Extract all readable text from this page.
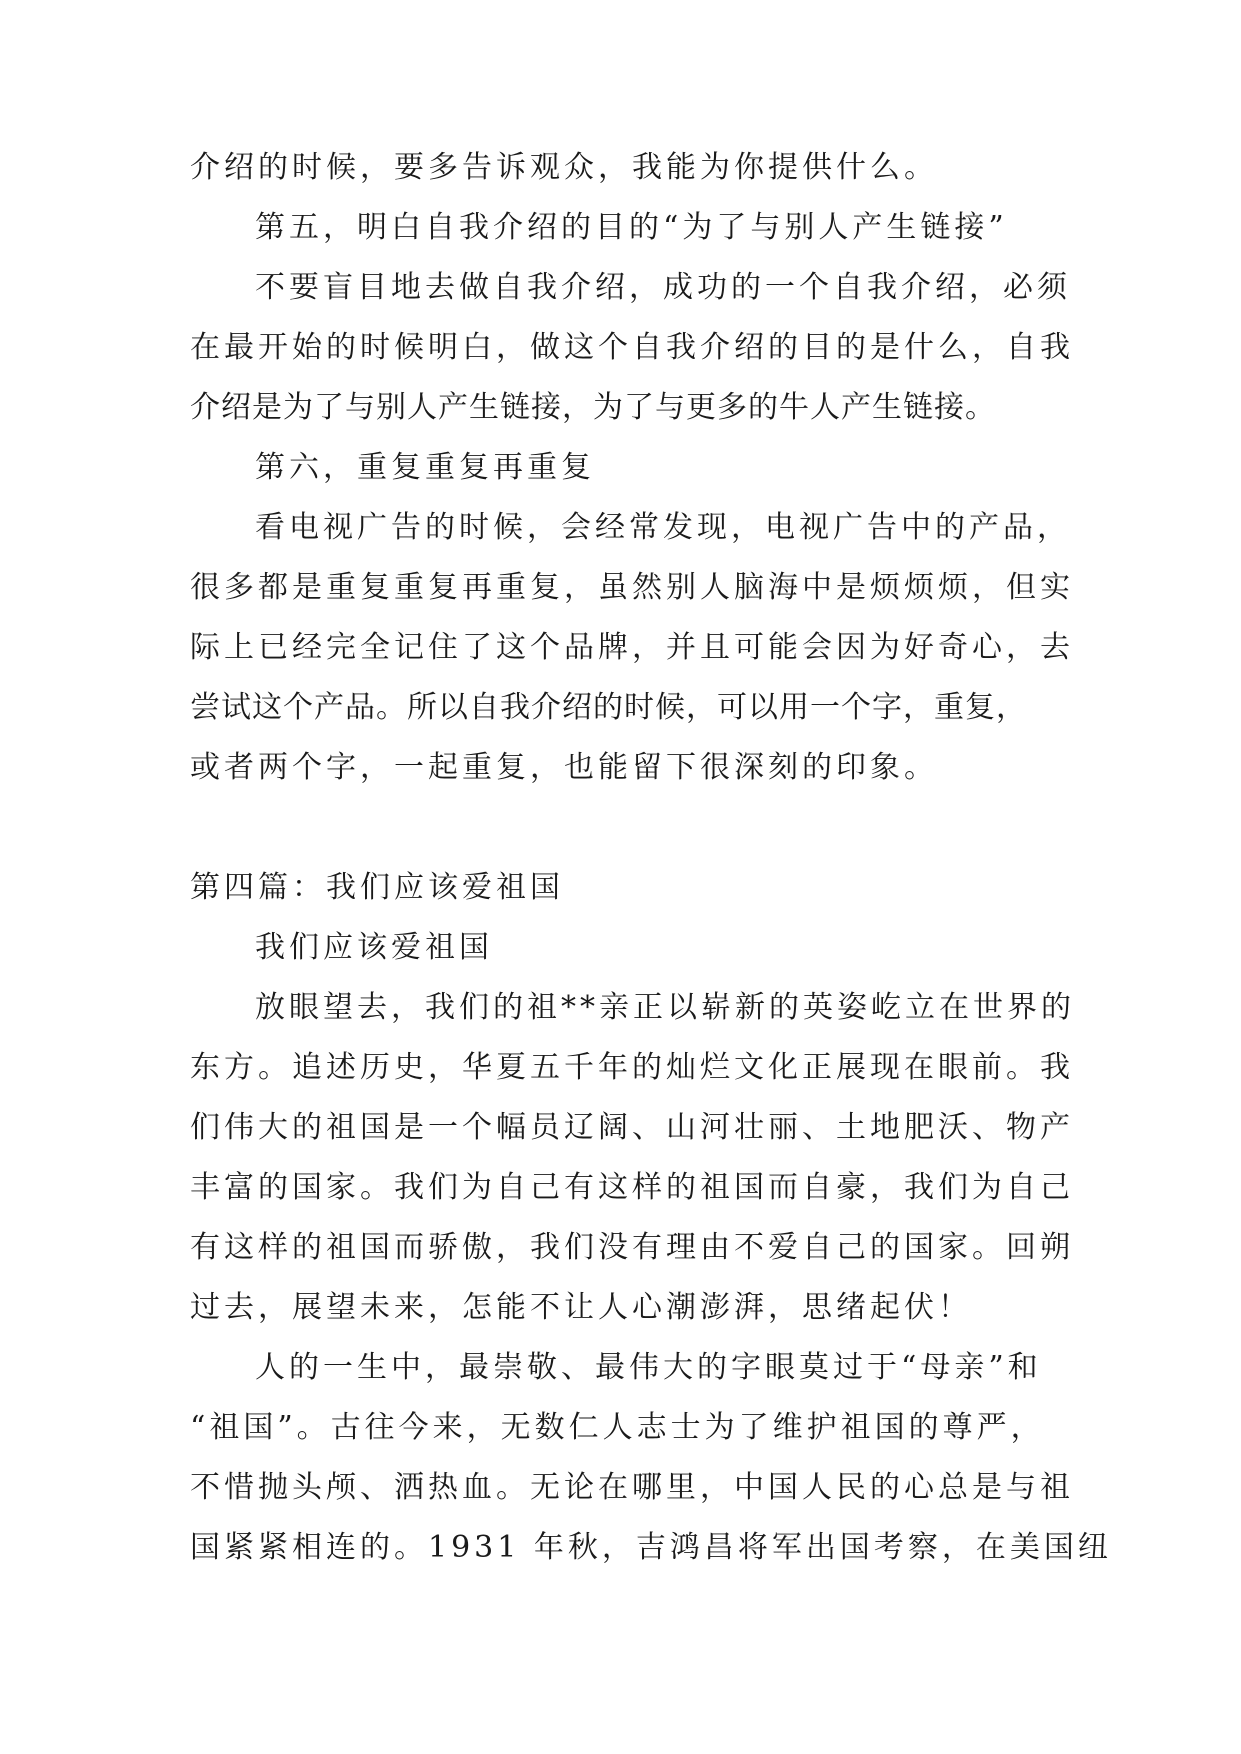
介绍的时候，要多告诉观众，我能为你提供什么。
第五，明白自我介绍的目的“为了与别人产生链接”
不要盲目地去做自我介绍，成功的一个自我介绍，必须
在最开始的时候明白，做这个自我介绍的目的是什么，自我
介绍是为了与别人产生链接，为了与更多的牛人产生链接。
第六，重复重复再重复
看电视广告的时候，会经常发现，电视广告中的产品，
很多都是重复重复再重复，虽然别人脑海中是烦烦烦，但实
际上已经完全记住了这个品牌，并且可能会因为好奇心，去
尝试这个产品。所以自我介绍的时候，可以用一个字，重复，
或者两个字，一起重复，也能留下很深刻的印象。
第四篇：我们应该爱祖国
我们应该爱祖国
放眼望去，我们的祖**亲正以崭新的英姿屹立在世界的
东方。追述历史，华夏五千年的灿烂文化正展现在眼前。我
们伟大的祖国是一个幅员辽阔、山河壮丽、土地肥沃、物产
丰富的国家。我们为自己有这样的祖国而自豪，我们为自己
有这样的祖国而骄傲，我们没有理由不爱自己的国家。回朔
过去，展望未来，怎能不让人心潮澎湃，思绪起伏！
人的一生中，最崇敬、最伟大的字眼莫过于“母亲”和
“祖国”。古往今来，无数仁人志士为了维护祖国的尊严，
不惜抛头颅、洒热血。无论在哪里，中国人民的心总是与祖
国紧紧相连的。1931 年秋，吉鸿昌将军出国考察，在美国纽
